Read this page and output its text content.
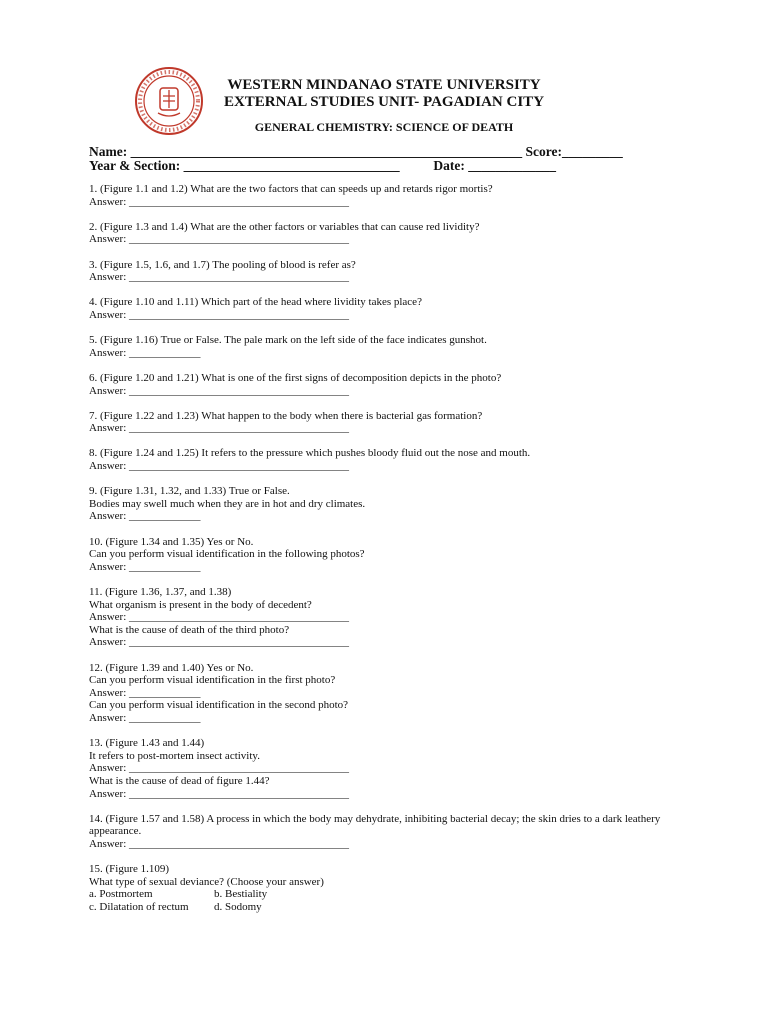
WESTERN MINDANAO STATE UNIVERSITY
EXTERNAL STUDIES UNIT- PAGADIAN CITY
GENERAL CHEMISTRY: SCIENCE OF DEATH
Name: __________________________________________________________ Score:_________
Year & Section: ________________________________          Date: _____________
1. (Figure 1.1 and 1.2) What are the two factors that can speeds up and retards rigor mortis?
Answer: ________________________________________
2. (Figure 1.3 and 1.4) What are the other factors or variables that can cause red lividity?
Answer: ________________________________________
3. (Figure 1.5, 1.6, and 1.7) The pooling of blood is refer as?
Answer: ________________________________________
4. (Figure 1.10 and 1.11) Which part of the head where lividity takes place?
Answer: ________________________________________
5. (Figure 1.16) True or False. The pale mark on the left side of the face indicates gunshot.
Answer: _____________
6. (Figure 1.20 and 1.21) What is one of the first signs of decomposition depicts in the photo?
Answer: ________________________________________
7. (Figure 1.22 and 1.23) What happen to the body when there is bacterial gas formation?
Answer: ________________________________________
8. (Figure 1.24 and 1.25) It refers to the pressure which pushes bloody fluid out the nose and mouth.
Answer: ________________________________________
9. (Figure 1.31, 1.32, and 1.33) True or False.
Bodies may swell much when they are in hot and dry climates.
Answer: _____________
10. (Figure 1.34 and 1.35) Yes or No.
Can you perform visual identification in the following photos?
Answer: _____________
11. (Figure 1.36, 1.37, and 1.38)
What organism is present in the body of decedent?
Answer: ________________________________________
What is the cause of death of the third photo?
Answer: ________________________________________
12. (Figure 1.39 and 1.40) Yes or No.
Can you perform visual identification in the first photo?
Answer: _____________
Can you perform visual identification in the second photo?
Answer: _____________
13. (Figure 1.43 and 1.44)
It refers to post-mortem insect activity.
Answer: ________________________________________
What is the cause of dead of figure 1.44?
Answer: ________________________________________
14. (Figure 1.57 and 1.58) A process in which the body may dehydrate, inhibiting bacterial decay; the skin dries to a dark leathery appearance.
Answer: ________________________________________
15. (Figure 1.109)
What type of sexual deviance? (Choose your answer)
a. Postmortem	b. Bestiality
c. Dilatation of rectum	d. Sodomy
